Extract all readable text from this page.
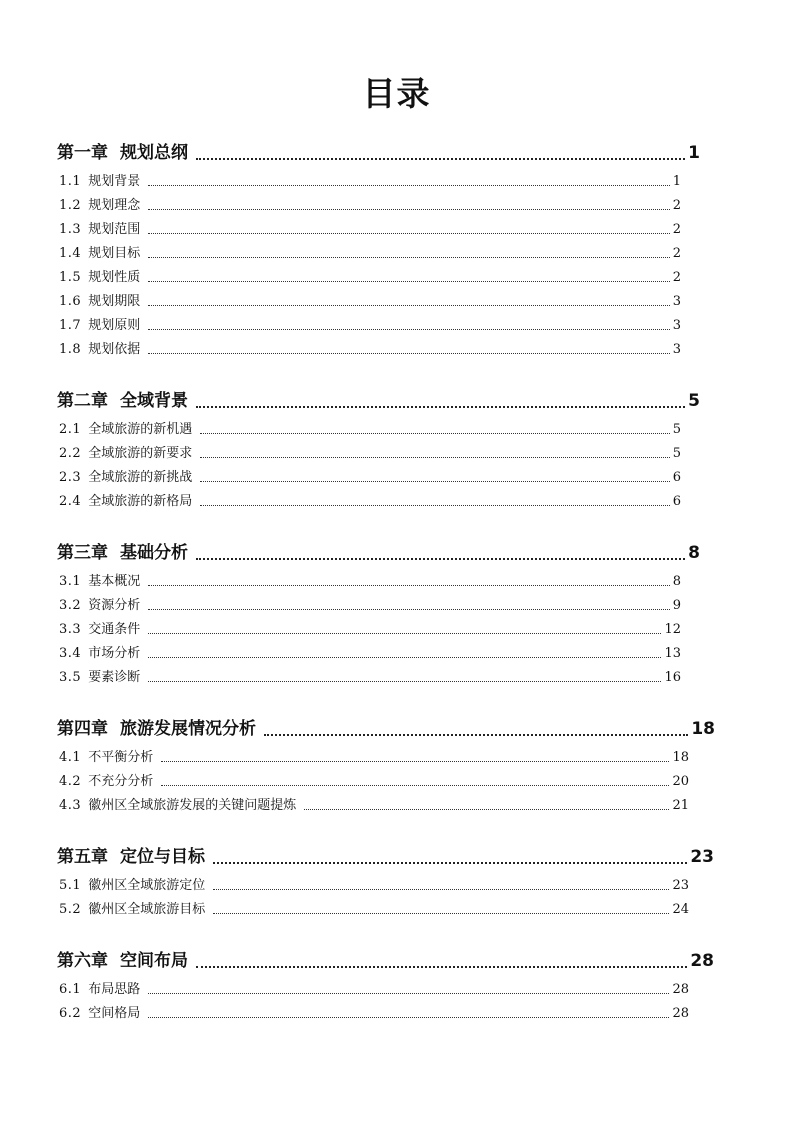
目录
第一章 规划总纲	1
1.1 规划背景	1
1.2 规划理念	2
1.3 规划范围	2
1.4 规划目标	2
1.5 规划性质	2
1.6 规划期限	3
1.7 规划原则	3
1.8 规划依据	3
第二章 全域背景	5
2.1 全域旅游的新机遇	5
2.2 全域旅游的新要求	5
2.3 全域旅游的新挑战	6
2.4 全域旅游的新格局	6
第三章 基础分析	8
3.1 基本概况	8
3.2 资源分析	9
3.3 交通条件	12
3.4 市场分析	13
3.5 要素诊断	16
第四章 旅游发展情况分析	18
4.1 不平衡分析	18
4.2 不充分分析	20
4.3 徽州区全域旅游发展的关键问题提炼	21
第五章 定位与目标	23
5.1 徽州区全域旅游定位	23
5.2 徽州区全域旅游目标	24
第六章 空间布局	28
6.1 布局思路	28
6.2 空间格局	28
